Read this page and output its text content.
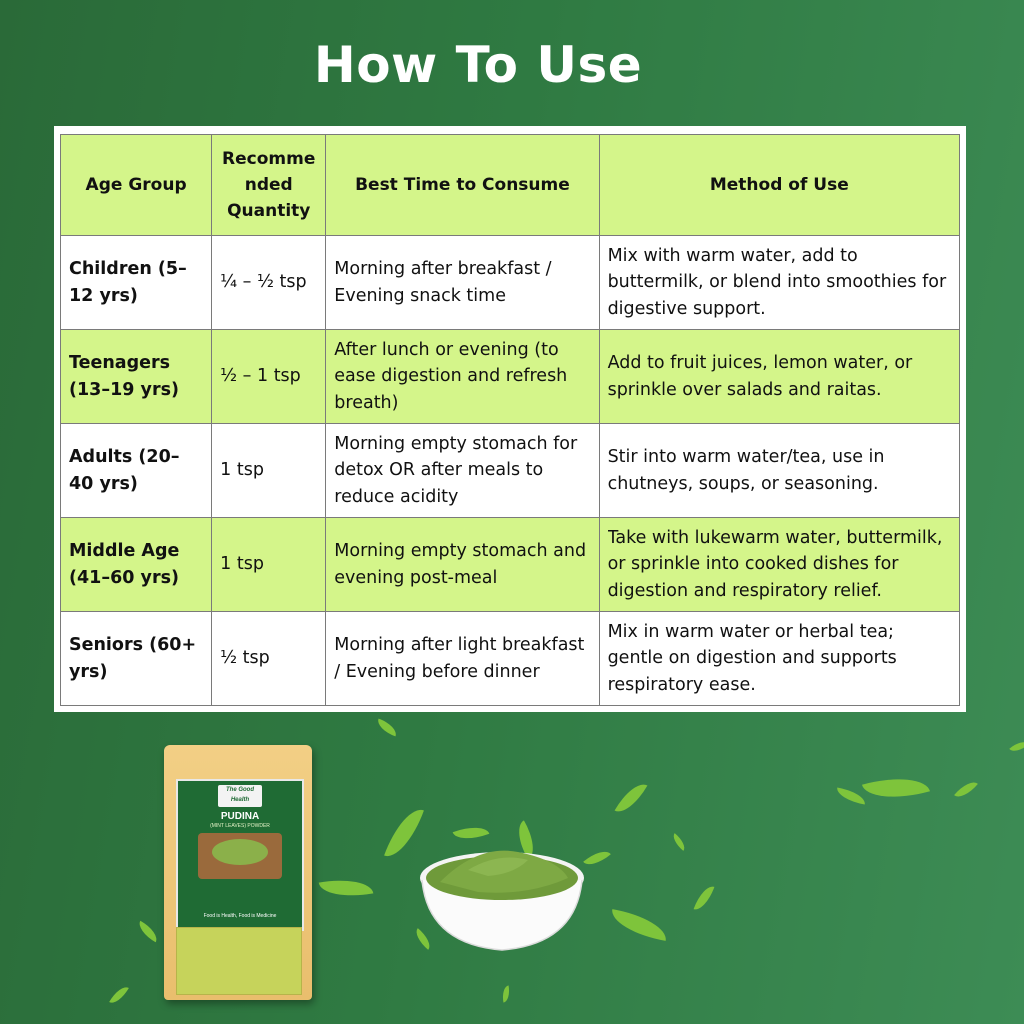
How To Use
Age Group	Recomme nded Quantity	Best Time to Consume	Method of Use
Children (5–12 yrs)	¼ – ½ tsp	Morning after breakfast / Evening snack time	Mix with warm water, add to buttermilk, or blend into smoothies for digestive support.
Teenagers (13–19 yrs)	½ – 1 tsp	After lunch or evening (to ease digestion and refresh breath)	Add to fruit juices, lemon water, or sprinkle over salads and raitas.
Adults (20–40 yrs)	1 tsp	Morning empty stomach for detox OR after meals to reduce acidity	Stir into warm water/tea, use in chutneys, soups, or seasoning.
Middle Age (41–60 yrs)	1 tsp	Morning empty stomach and evening post-meal	Take with lukewarm water, buttermilk, or sprinkle into cooked dishes for digestion and respiratory relief.

Seniors (60+ yrs)	½ tsp	Morning after light breakfast / Evening before dinner	Mix in warm water or herbal tea; gentle on digestion and supports respiratory ease.
The Good Health
PUDINA
(MINT LEAVES) POWDER
Food is Health, Food is Medicine
